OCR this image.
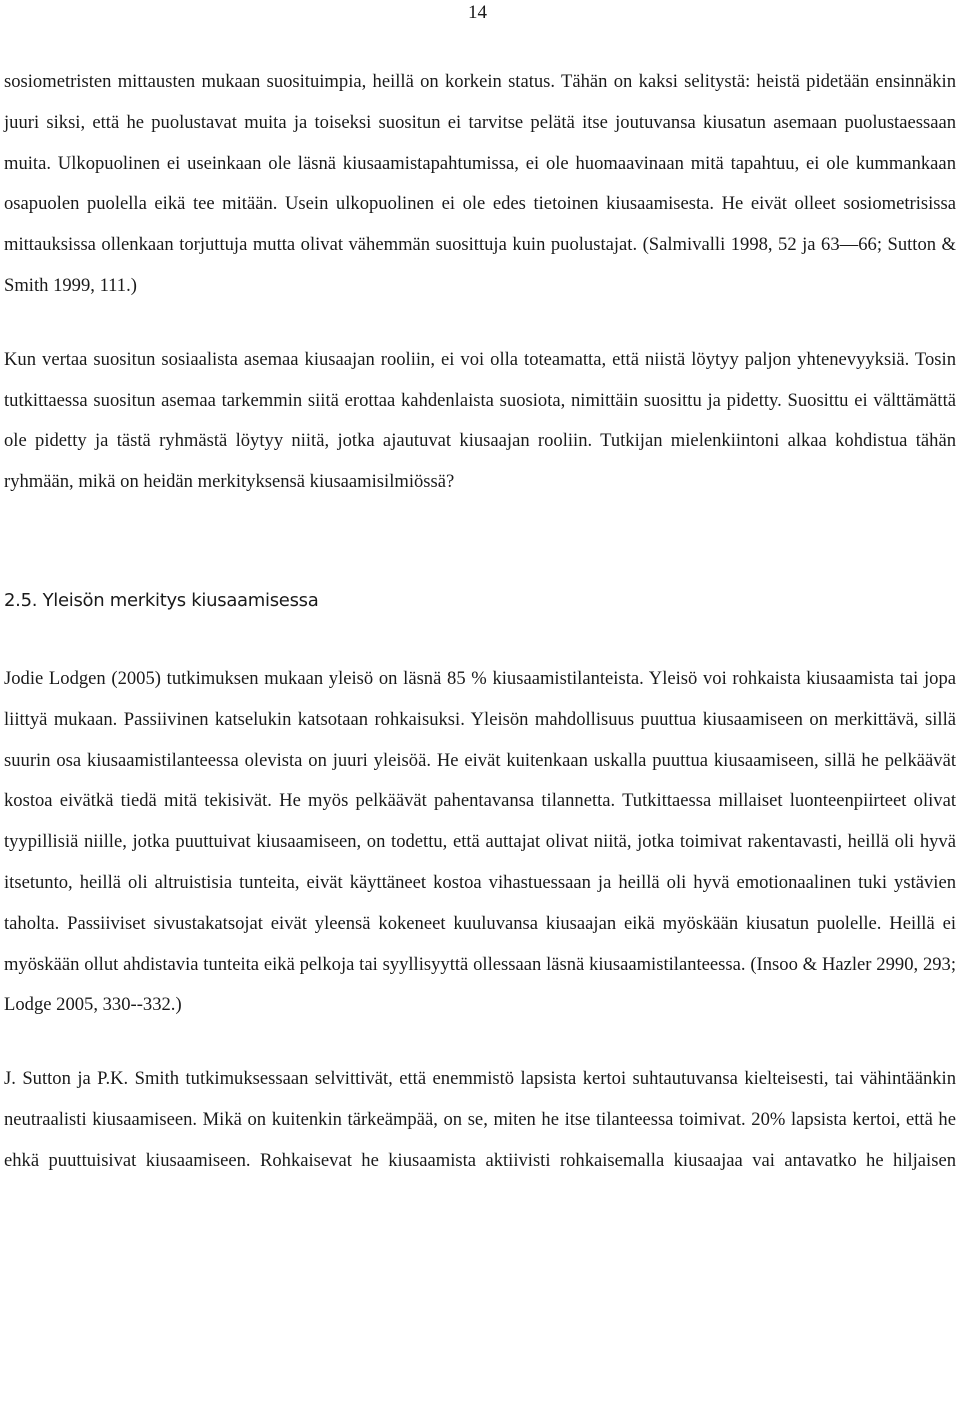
14

sosiometristen mittausten mukaan suosituimpia, heillä on korkein status. Tähän on kaksi selitystä: heistä pidetään ensinnäkin juuri siksi, että he puolustavat muita ja toiseksi suositun ei tarvitse pelätä itse joutuvansa kiusatun asemaan puolustaessaan muita. Ulkopuolinen ei useinkaan ole läsnä kiusaamistapahtumissa, ei ole huomaavinaan mitä tapahtuu, ei ole kummankaan osapuolen puolella eikä tee mitään. Usein ulkopuolinen ei ole edes tietoinen kiusaamisesta. He eivät olleet sosiometrisissa mittauksissa ollenkaan torjuttuja mutta olivat vähemmän suosittuja kuin puolustajat. (Salmivalli 1998, 52 ja 63—66; Sutton & Smith 1999, 111.)

Kun vertaa suositun sosiaalista asemaa kiusaajan rooliin, ei voi olla toteamatta, että niistä löytyy paljon yhtenevyyksiä. Tosin tutkittaessa suositun asemaa tarkemmin siitä erottaa kahdenlaista suosiota, nimittäin suosittu ja pidetty. Suosittu ei välttämättä ole pidetty ja tästä ryhmästä löytyy niitä, jotka ajautuvat kiusaajan rooliin. Tutkijan mielenkiintoni alkaa kohdistua tähän ryhmään, mikä on heidän merkityksensä kiusaamisilmiössä?

2.5. Yleisön merkitys kiusaamisessa

Jodie Lodgen (2005) tutkimuksen mukaan yleisö on läsnä 85 % kiusaamistilanteista. Yleisö voi rohkaista kiusaamista tai jopa liittyä mukaan. Passiivinen katselukin katsotaan rohkaisuksi. Yleisön mahdollisuus puuttua kiusaamiseen on merkittävä, sillä suurin osa kiusaamistilanteessa olevista on juuri yleisöä. He eivät kuitenkaan uskalla puuttua kiusaamiseen, sillä he pelkäävät kostoa eivätkä tiedä mitä tekisivät. He myös pelkäävät pahentavansa tilannetta. Tutkittaessa millaiset luonteenpiirteet olivat tyypillisiä niille, jotka puuttuivat kiusaamiseen, on todettu, että auttajat olivat niitä, jotka toimivat rakentavasti, heillä oli hyvä itsetunto, heillä oli altruistisia tunteita, eivät käyttäneet kostoa vihastuessaan ja heillä oli hyvä emotionaalinen tuki ystävien taholta. Passiiviset sivustakatsojat eivät yleensä kokeneet kuuluvansa kiusaajan eikä myöskään kiusatun puolelle. Heillä ei myöskään ollut ahdistavia tunteita eikä pelkoja tai syyllisyyttä ollessaan läsnä kiusaamistilanteessa. (Insoo & Hazler 2990, 293; Lodge 2005, 330--332.)

J. Sutton ja P.K. Smith tutkimuksessaan selvittivät, että enemmistö lapsista kertoi suhtautuvansa kielteisesti, tai vähintäänkin neutraalisti kiusaamiseen. Mikä on kuitenkin tärkeämpää, on se, miten he itse tilanteessa toimivat. 20% lapsista kertoi, että he ehkä puuttuisivat kiusaamiseen. Rohkaisevat he kiusaamista aktiivisti rohkaisemalla kiusaajaa vai antavatko he hiljaisen
